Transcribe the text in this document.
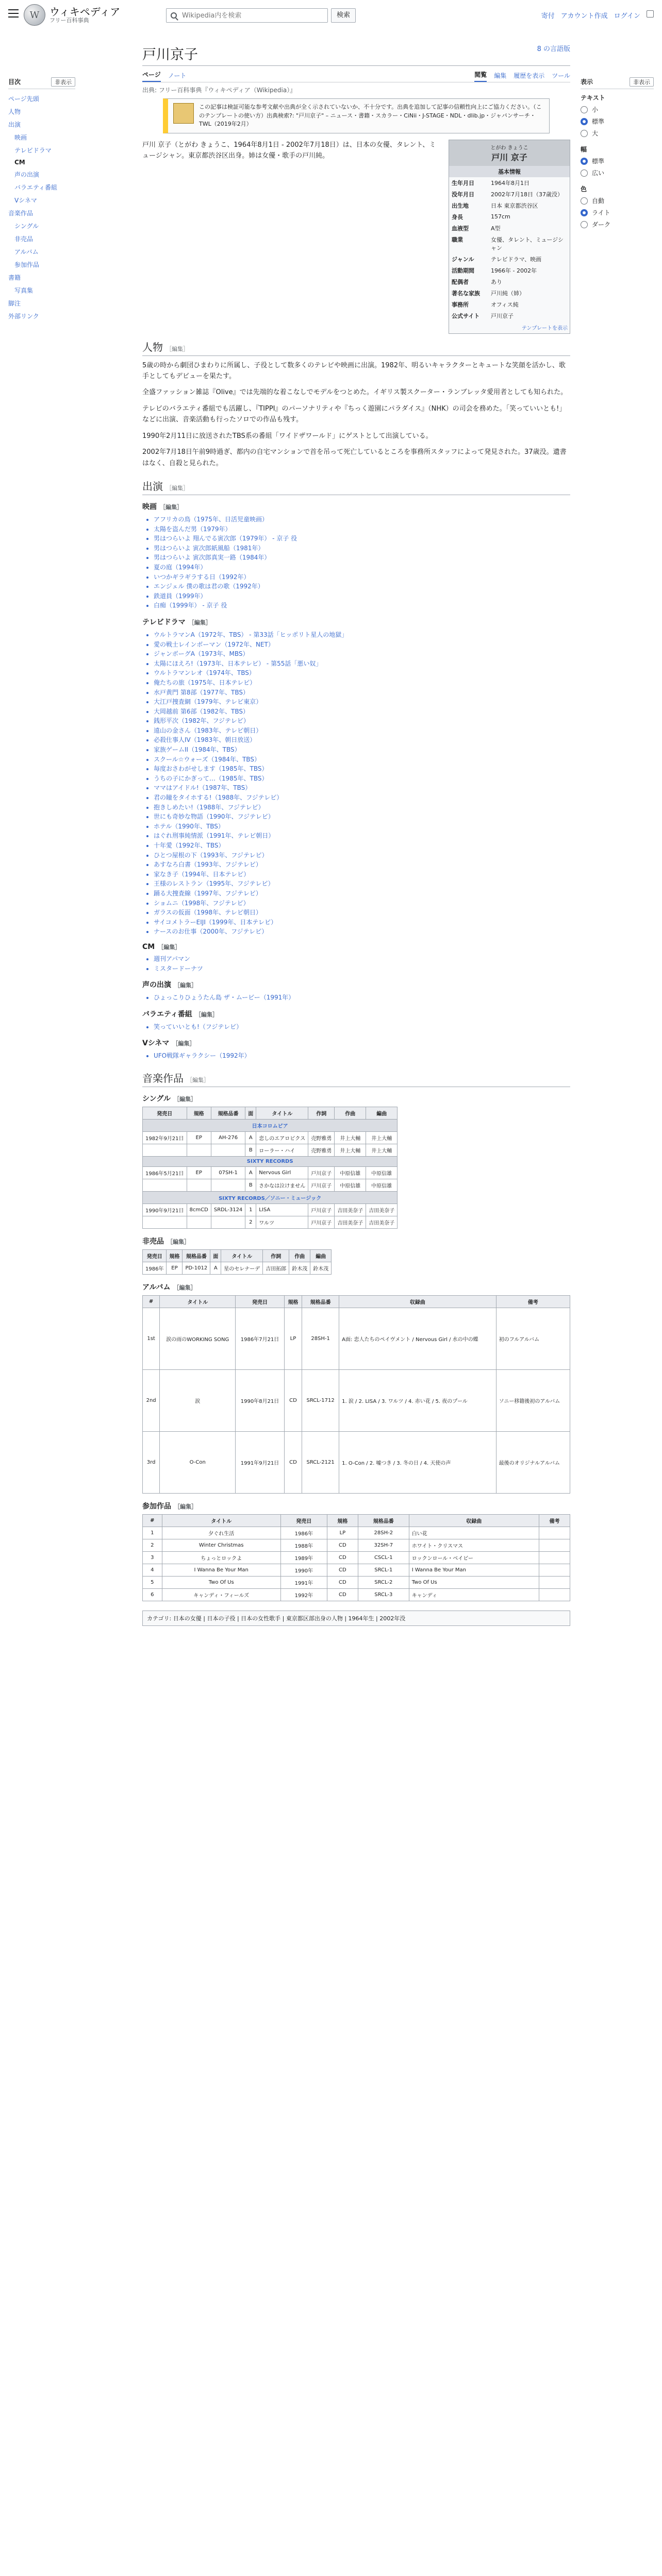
W ウィキペディア
フリー百科事典
Wikipedia内を検索
検索	寄付 アカウント作成 ログイン
目次	非表示
ページ先頭
人物
出演
映画
テレビドラマ
CM
声の出演
バラエティ番組
Vシネマ
音楽作品
シングル
非売品
アルバム
参加作品
書籍
写真集
脚注
外部リンク
表示	非表示
テキスト
小
標準
大
幅
標準
広い
色
自動
ライト
ダーク
8 の言語版
戸川京子
ページ ノート	閲覧 編集 履歴を表示 ツール
出典: フリー百科事典『ウィキペディア（Wikipedia）』
この記事は検証可能な参考文献や出典が全く示されていないか、不十分です。出典を追加して記事の信頼性向上にご協力ください。（このテンプレートの使い方）出典検索?: "戸川京子" – ニュース・書籍・スカラー・CiNii・J-STAGE・NDL・dlib.jp・ジャパンサーチ・TWL（2019年2月）
とがわ きょうこ
戸川 京子
基本情報
生年月日	1964年8月1日
没年月日	2002年7月18日（37歳没）
出生地	日本 東京都渋谷区
身長	157cm
血液型	A型
職業	女優、タレント、ミュージシャン
ジャンル	テレビドラマ、映画
活動期間	1966年 - 2002年
配偶者	あり
著名な家族	戸川純（姉）
事務所	オフィス純
公式サイト	戸川京子
テンプレートを表示

戸川 京子（とがわ きょうこ、1964年8月1日 - 2002年7月18日）は、日本の女優、タレント、ミュージシャン。東京都渋谷区出身。姉は女優・歌手の戸川純。

人物 ［編集］

5歳の時から劇団ひまわりに所属し、子役として数多くのテレビや映画に出演。1982年、明るいキャラクターとキュートな笑顔を活かし、歌手としてもデビューを果たす。

全盛ファッション雑誌『Olive』では先端的な着こなしでモデルをつとめた。イギリス製スクーター・ランブレッタ愛用者としても知られた。

テレビのバラエティ番組でも活躍し、『TIPPI』のパーソナリティや『ちっく遊園にパラダイス』（NHK）の司会を務めた。「笑っていいとも!」などに出演、音楽活動も行ったソロでの作品も残す。

1990年2月11日に放送されたTBS系の番組「ワイドザワールド」にゲストとして出演している。

2002年7月18日午前9時過ぎ、都内の自宅マンションで首を吊って死亡しているところを事務所スタッフによって発見された。37歳没。遺書はなく、自殺と見られた。

出演 ［編集］
映画 ［編集］
• アフリカの鳥（1975年、日活児童映画）
• 太陽を盗んだ男（1979年）
• 男はつらいよ 翔んでる寅次郎（1979年） - 京子 役
• 男はつらいよ 寅次郎紙風船（1981年）
• 男はつらいよ 寅次郎真実一路（1984年）
• 夏の庭（1994年）
• いつかギラギラする日（1992年）
• エンジェル 僕の歌は君の歌（1992年）
• 鉄道員（1999年）
• 白痴（1999年） - 京子 役
テレビドラマ ［編集］
• ウルトラマンA（1972年、TBS） - 第33話「ヒッポリト星人の地獄」
• 愛の戦士レインボーマン（1972年、NET）
• ジャンボーグA（1973年、MBS）
• 太陽にほえろ!（1973年、日本テレビ） - 第55話「悪い奴」
• ウルトラマンレオ（1974年、TBS）
• 俺たちの旅（1975年、日本テレビ）
• 水戸黄門 第8部（1977年、TBS）
• 大江戸捜査網（1979年、テレビ東京）
• 大岡越前 第6部（1982年、TBS）
• 銭形平次（1982年、フジテレビ）
• 遠山の金さん（1983年、テレビ朝日）
• 必殺仕事人IV（1983年、朝日放送）
• 家族ゲームII（1984年、TBS）
• スクール☆ウォーズ（1984年、TBS）
• 毎度おさわがせします（1985年、TBS）
• うちの子にかぎって…（1985年、TBS）
• ママはアイドル!（1987年、TBS）
• 君の瞳をタイホする!（1988年、フジテレビ）
• 抱きしめたい!（1988年、フジテレビ）
• 世にも奇妙な物語（1990年、フジテレビ）
• ホテル（1990年、TBS）
• はぐれ刑事純情派（1991年、テレビ朝日）
• 十年愛（1992年、TBS）
• ひとつ屋根の下（1993年、フジテレビ）
• あすなろ白書（1993年、フジテレビ）
• 家なき子（1994年、日本テレビ）
• 王様のレストラン（1995年、フジテレビ）
• 踊る大捜査線（1997年、フジテレビ）
• ショムニ（1998年、フジテレビ）
• ガラスの仮面（1998年、テレビ朝日）
• サイコメトラーEIJI（1999年、日本テレビ）
• ナースのお仕事（2000年、フジテレビ）
CM ［編集］
• 週刊アパマン
• ミスタードーナツ
声の出演 ［編集］
• ひょっこりひょうたん島 ザ・ムービー（1991年）
バラエティ番組 ［編集］
• 笑っていいとも!（フジテレビ）
Vシネマ ［編集］
• UFO戦隊ギャラクシー（1992年）
音楽作品 ［編集］
シングル ［編集］
発売日	規格	規格品番	面	タイトル	作詞	作曲	編曲
日本コロムビア							
1982年9月21日	EP	AH-276	A	恋しのエアロビクス	売野雅勇	井上大輔	井上大輔
			B	ローラー・ハイ	売野雅勇	井上大輔	井上大輔
SIXTY RECORDS							
1986年5月21日	EP	07SH-1	A	Nervous Girl	戸川京子	中原信雄	中原信雄
			B	さかなは泣けません	戸川京子	中原信雄	中原信雄
SIXTY RECORDS／ソニー・ミュージック							
1990年9月21日	8cmCD	SRDL-3124	1	LISA	戸川京子	吉田美奈子	吉田美奈子
			2	ワルツ	戸川京子	吉田美奈子	吉田美奈子
非売品 ［編集］
発売日	規格	規格品番	面	タイトル	作詞	作曲	編曲
1986年	EP	PD-1012	A	星のセレナーデ	吉田拓郎	鈴木茂	鈴木茂
アルバム ［編集］
#	タイトル	発売日	規格	規格品番	収録曲	備考
1st	涙の雨のWORKING SONG	1986年7月21日	LP	28SH-1	A面: 恋人たちのペイヴメント / Nervous Girl / 水の中の蝶	初のフルアルバム
2nd	涙	1990年8月21日	CD	SRCL-1712	1. 涙 / 2. LISA / 3. ワルツ / 4. 赤い花 / 5. 夜のプール	ソニー移籍後初のアルバム
3rd	O-Con	1991年9月21日	CD	SRCL-2121	1. O-Con / 2. 嘘つき / 3. 冬の日 / 4. 天使の声	最後のオリジナルアルバム
参加作品 ［編集］
#	タイトル	発売日	規格	規格品番	収録曲	備考
1	夕ぐれ生活	1986年	LP	28SH-2	白い花	
2	Winter Christmas	1988年	CD	32SH-7	ホワイト・クリスマス	
3	ちょっとロックよ	1989年	CD	CSCL-1	ロックンロール・ベイビー	
4	I Wanna Be Your Man	1990年	CD	SRCL-1	I Wanna Be Your Man	
5	Two Of Us	1991年	CD	SRCL-2	Two Of Us	
6	キャンディ・フィールズ	1992年	CD	SRCL-3	キャンディ	
カテゴリ: 日本の女優 | 日本の子役 | 日本の女性歌手 | 東京都区部出身の人物 | 1964年生 | 2002年没
